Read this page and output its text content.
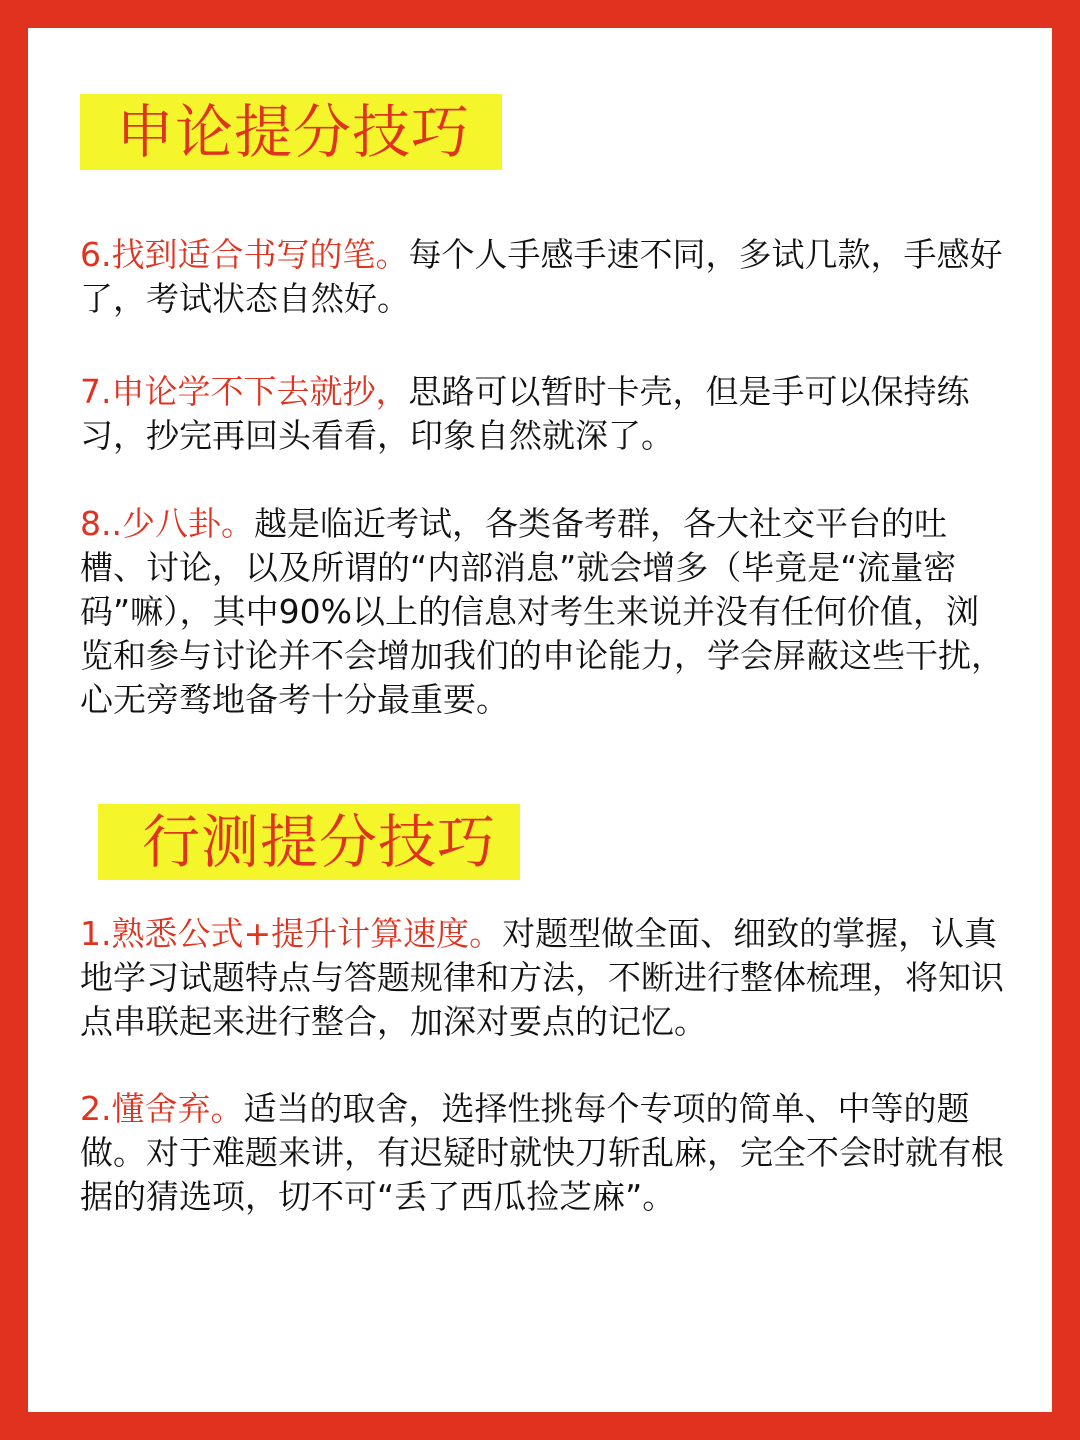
申论提分技巧

6.找到适合书写的笔。每个人手感手速不同，多试几款，手感好了，考试状态自然好。

7.申论学不下去就抄，思路可以暂时卡壳，但是手可以保持练习，抄完再回头看看，印象自然就深了。

8..少八卦。越是临近考试，各类备考群，各大社交平台的吐槽、讨论，以及所谓的“内部消息”就会增多（毕竟是“流量密码”嘛），其中90%以上的信息对考生来说并没有任何价值，浏览和参与讨论并不会增加我们的申论能力，学会屏蔽这些干扰，心无旁骛地备考十分最重要。

行测提分技巧

1.熟悉公式+提升计算速度。对题型做全面、细致的掌握，认真地学习试题特点与答题规律和方法，不断进行整体梳理，将知识点串联起来进行整合，加深对要点的记忆。

2.懂舍弃。适当的取舍，选择性挑每个专项的简单、中等的题做。对于难题来讲，有迟疑时就快刀斩乱麻，完全不会时就有根据的猜选项，切不可“丢了西瓜捡芝麻”。
